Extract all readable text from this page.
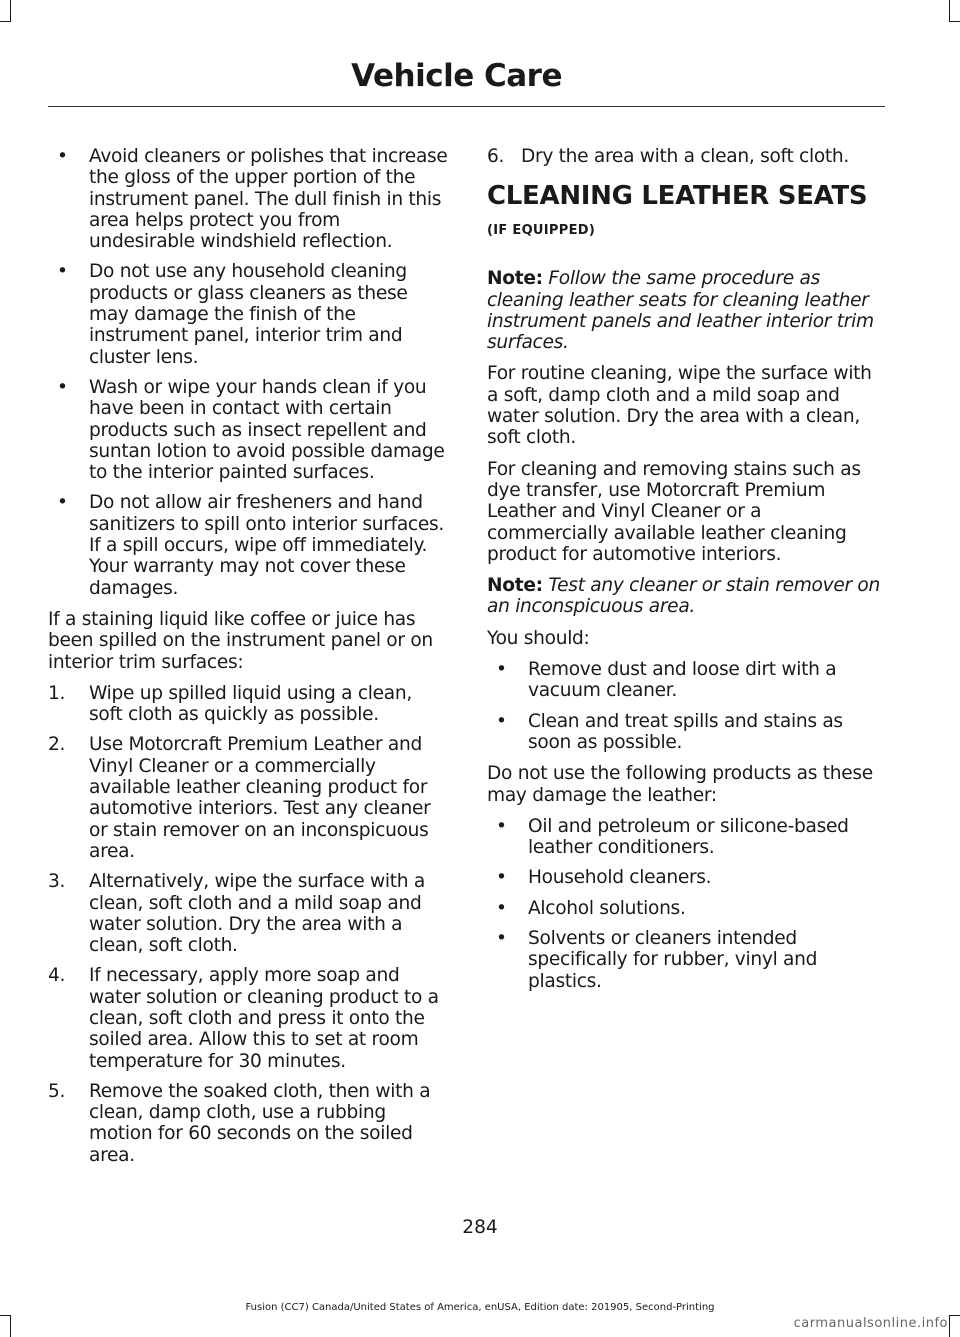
Vehicle Care
• Avoid cleaners or polishes that increase the gloss of the upper portion of the instrument panel. The dull finish in this area helps protect you from undesirable windshield reflection.
• Do not use any household cleaning products or glass cleaners as these may damage the finish of the instrument panel, interior trim and cluster lens.
• Wash or wipe your hands clean if you have been in contact with certain products such as insect repellent and suntan lotion to avoid possible damage to the interior painted surfaces.
• Do not allow air fresheners and hand sanitizers to spill onto interior surfaces. If a spill occurs, wipe off immediately. Your warranty may not cover these damages.

If a staining liquid like coffee or juice has been spilled on the instrument panel or on interior trim surfaces:

1. Wipe up spilled liquid using a clean, soft cloth as quickly as possible.
2. Use Motorcraft Premium Leather and Vinyl Cleaner or a commercially available leather cleaning product for automotive interiors. Test any cleaner or stain remover on an inconspicuous area.
3. Alternatively, wipe the surface with a clean, soft cloth and a mild soap and water solution. Dry the area with a clean, soft cloth.
4. If necessary, apply more soap and water solution or cleaning product to a clean, soft cloth and press it onto the soiled area. Allow this to set at room temperature for 30 minutes.
5. Remove the soaked cloth, then with a clean, damp cloth, use a rubbing motion for 60 seconds on the soiled area.
6. Dry the area with a clean, soft cloth.
CLEANING LEATHER SEATS (IF EQUIPPED)

Note: Follow the same procedure as cleaning leather seats for cleaning leather instrument panels and leather interior trim surfaces.

For routine cleaning, wipe the surface with a soft, damp cloth and a mild soap and water solution. Dry the area with a clean, soft cloth.

For cleaning and removing stains such as dye transfer, use Motorcraft Premium Leather and Vinyl Cleaner or a commercially available leather cleaning product for automotive interiors.

Note: Test any cleaner or stain remover on an inconspicuous area.

You should:

• Remove dust and loose dirt with a vacuum cleaner.
• Clean and treat spills and stains as soon as possible.

Do not use the following products as these may damage the leather:

• Oil and petroleum or silicone-based leather conditioners.
• Household cleaners.
• Alcohol solutions.
• Solvents or cleaners intended specifically for rubber, vinyl and plastics.
284
Fusion (CC7) Canada/United States of America, enUSA, Edition date: 201905, Second-Printing
carmanualsonline.info
